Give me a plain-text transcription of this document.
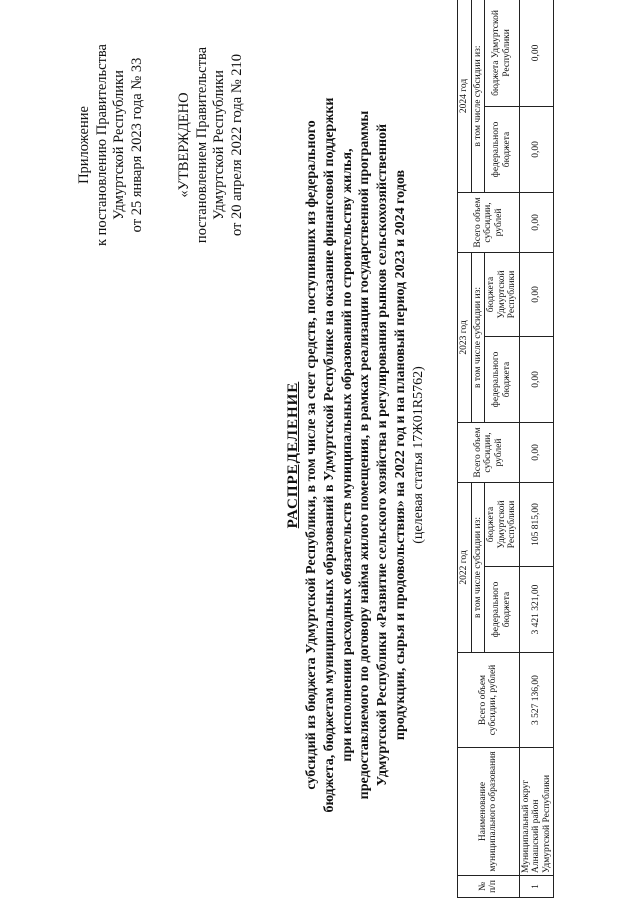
Приложение к постановлению Правительства Удмуртской Республики от 25 января 2023 года № 33 «УТВЕРЖДЕНО постановлением Правительства Удмуртской Республики от 20 апреля 2022 года № 210
РАСПРЕДЕЛЕНИЕ субсидий из бюджета Удмуртской Республики, в том числе за счет средств, поступивших из федерального бюджета, бюджетам муниципальных образований в Удмуртской Республике на оказание финансовой поддержки при исполнении расходных обязательств муниципальных образований по строительству жилья, предоставляемого по договору найма жилого помещения, в рамках реализации государственной программы Удмуртской Республики «Развитие сельского хозяйства и регулирования рынков сельскохозяйственной продукции, сырья и продовольствия» на 2022 год и на плановый период 2023 и 2024 годов (целевая статья 17Ж01R5762)
№ п/п	Наименование муниципального образования	Всего объем субсидии, рублей	2022 год		Всего объем субсидии, рублей	2023 год		Всего объем субсидии, рублей	2024 год	
			в том числе субсидии из:			в том числе субсидии из:			в том числе субсидии из:	
			федерального бюджета	бюджета Удмуртской Республики		федерального бюджета	бюджета Удмуртской Республики		федерального бюджета	бюджета Удмуртской Республики
1	Муниципальный округ Алнашский район Удмуртской Республики	3 527 136,00	3 421 321,00	105 815,00	0,00	0,00	0,00	0,00	0,00	0,00
